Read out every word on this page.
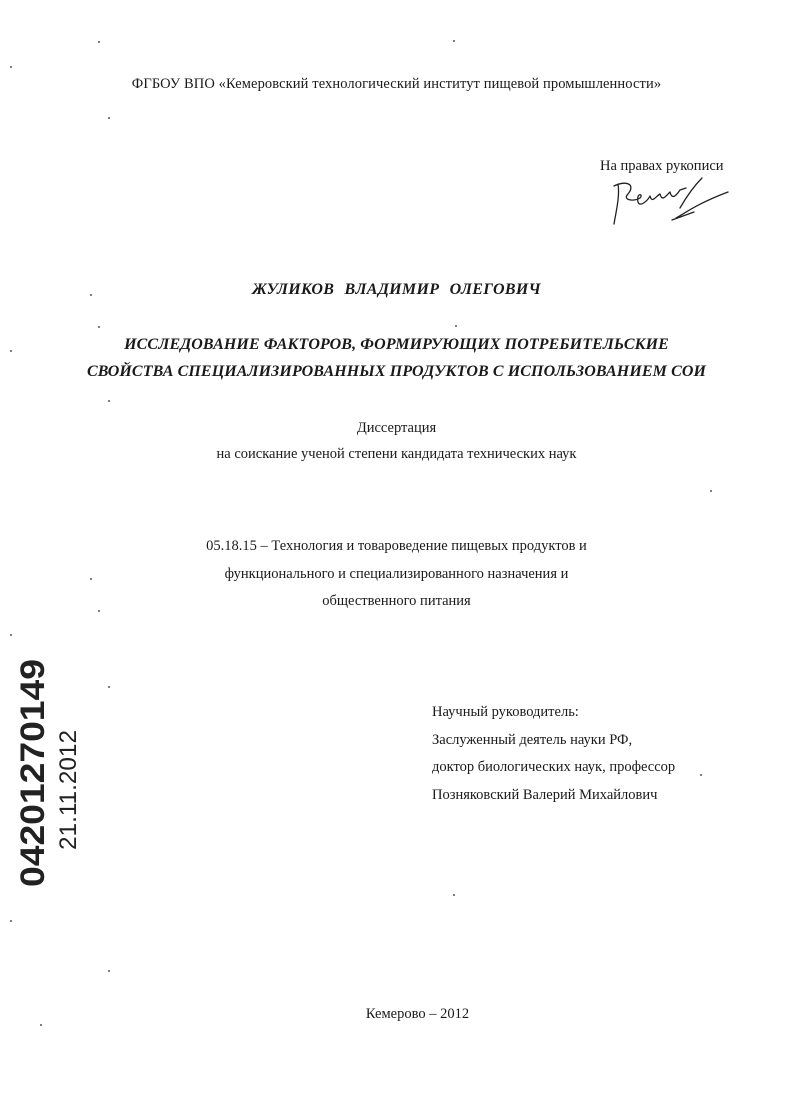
ФГБОУ ВПО «Кемеровский технологический институт пищевой промышленности»
На правах рукописи
ЖУЛИКОВ ВЛАДИМИР ОЛЕГОВИЧ
ИССЛЕДОВАНИЕ ФАКТОРОВ, ФОРМИРУЮЩИХ ПОТРЕБИТЕЛЬСКИЕ
СВОЙСТВА СПЕЦИАЛИЗИРОВАННЫХ ПРОДУКТОВ С ИСПОЛЬЗОВАНИЕМ СОИ
Диссертация
на соискание ученой степени кандидата технических наук
05.18.15 – Технология и товароведение пищевых продуктов и
функционального и специализированного назначения и
общественного питания
Научный руководитель:
Заслуженный деятель науки РФ,
доктор биологических наук, профессор
Позняковский Валерий Михайлович
Кемерово – 2012
04201270149 21.11.2012
